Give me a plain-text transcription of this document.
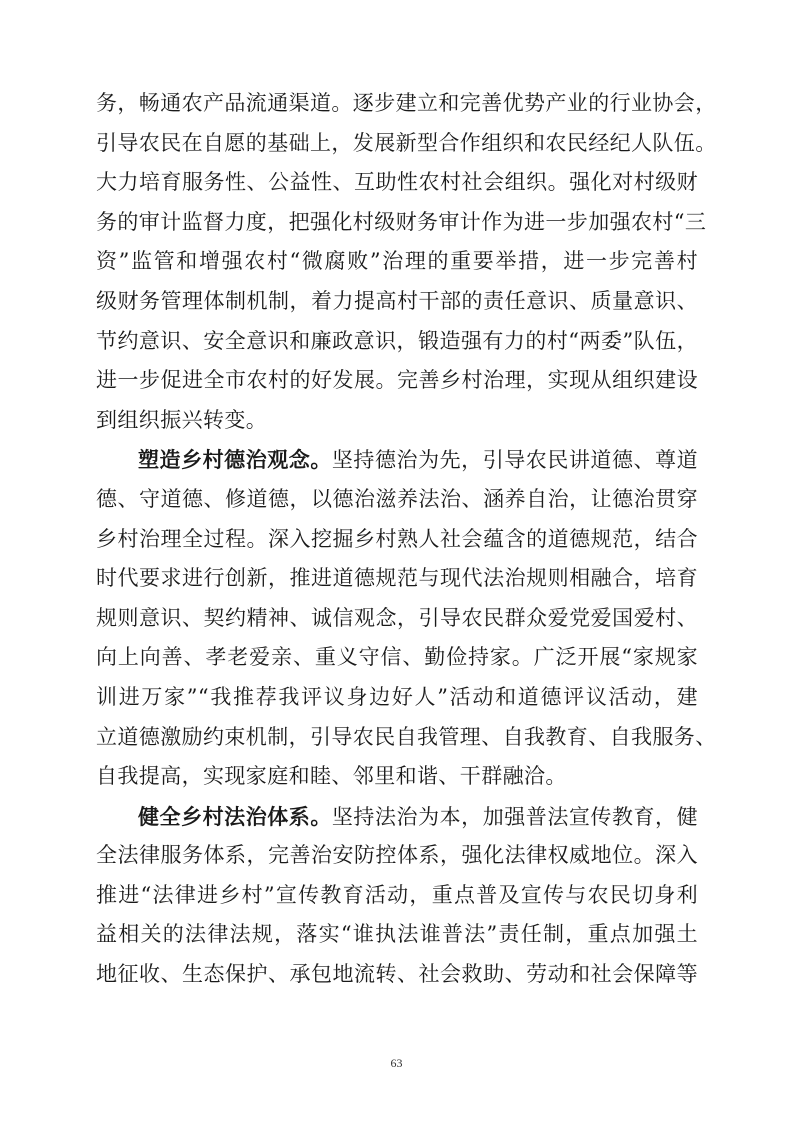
务，畅通农产品流通渠道。逐步建立和完善优势产业的行业协会，
引导农民在自愿的基础上，发展新型合作组织和农民经纪人队伍。
大力培育服务性、公益性、互助性农村社会组织。强化对村级财
务的审计监督力度，把强化村级财务审计作为进一步加强农村“三
资”监管和增强农村“微腐败”治理的重要举措，进一步完善村
级财务管理体制机制，着力提高村干部的责任意识、质量意识、
节约意识、安全意识和廉政意识，锻造强有力的村“两委”队伍，
进一步促进全市农村的好发展。完善乡村治理，实现从组织建设
到组织振兴转变。
塑造乡村德治观念。坚持德治为先，引导农民讲道德、尊道
德、守道德、修道德，以德治滋养法治、涵养自治，让德治贯穿
乡村治理全过程。深入挖掘乡村熟人社会蕴含的道德规范，结合
时代要求进行创新，推进道德规范与现代法治规则相融合，培育
规则意识、契约精神、诚信观念，引导农民群众爱党爱国爱村、
向上向善、孝老爱亲、重义守信、勤俭持家。广泛开展“家规家
训进万家”“我推荐我评议身边好人”活动和道德评议活动，建
立道德激励约束机制，引导农民自我管理、自我教育、自我服务、
自我提高，实现家庭和睦、邻里和谐、干群融洽。
健全乡村法治体系。坚持法治为本，加强普法宣传教育，健
全法律服务体系，完善治安防控体系，强化法律权威地位。深入
推进“法律进乡村”宣传教育活动，重点普及宣传与农民切身利
益相关的法律法规，落实“谁执法谁普法”责任制，重点加强土
地征收、生态保护、承包地流转、社会救助、劳动和社会保障等
63
